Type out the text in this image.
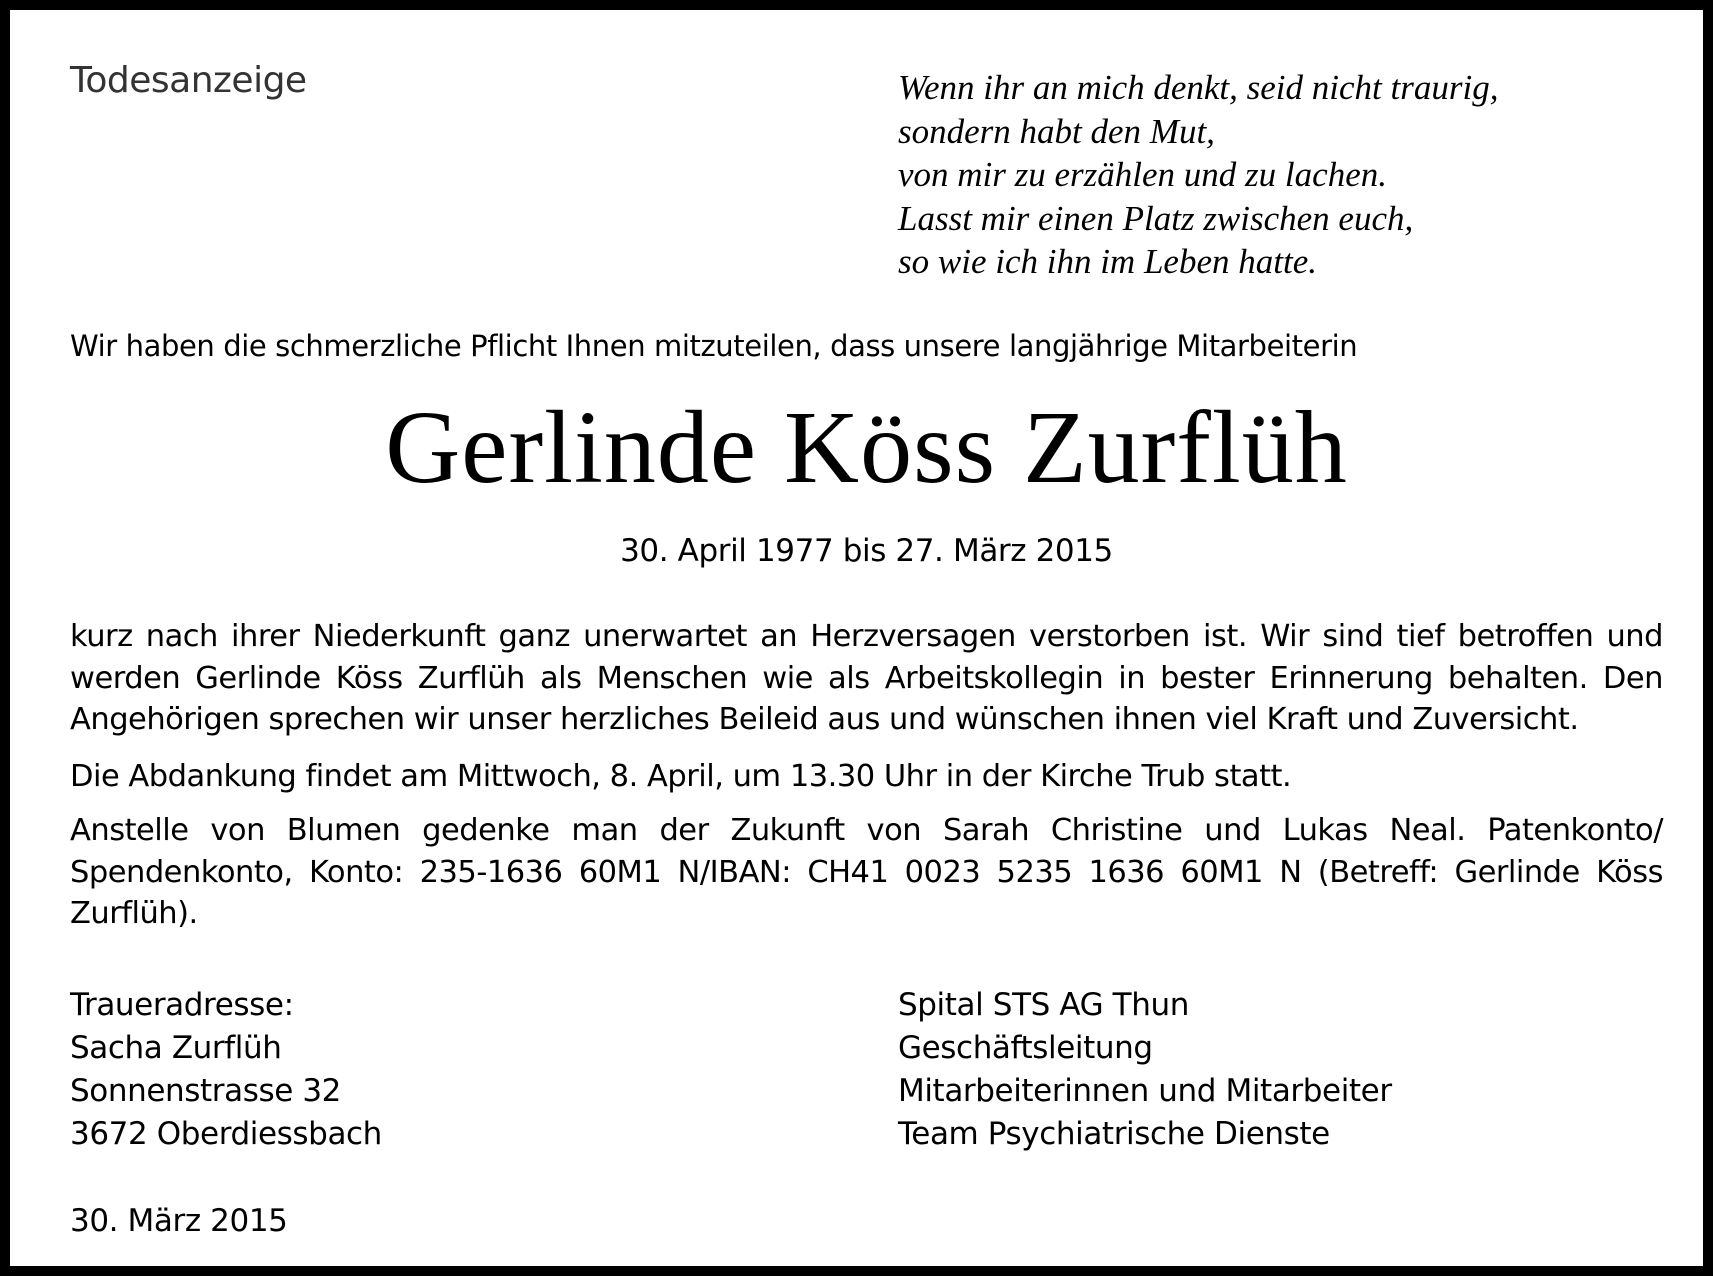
Todesanzeige	Wenn ihr an mich denkt, seid nicht traurig,
sondern habt den Mut,
von mir zu erzählen und zu lachen.
Lasst mir einen Platz zwischen euch,
so wie ich ihn im Leben hatte.

Wir haben die schmerzliche Pflicht Ihnen mitzuteilen, dass unsere langjährige Mitarbeiterin

Gerlinde Köss Zurflüh

30. April 1977 bis 27. März 2015

kurz nach ihrer Niederkunft ganz unerwartet an Herzversagen verstorben ist. Wir sind tief betroffen und werden Gerlinde Köss Zurflüh als Menschen wie als Arbeitskollegin in bester Erinnerung behalten. Den Angehörigen sprechen wir unser herzliches Beileid aus und wünschen ihnen viel Kraft und Zuversicht.

Die Abdankung findet am Mittwoch, 8. April, um 13.30 Uhr in der Kirche Trub statt.

Anstelle von Blumen gedenke man der Zukunft von Sarah Christine und Lukas Neal. Patenkonto/ Spendenkonto, Konto: 235-1636 60M1 N/IBAN: CH41 0023 5235 1636 60M1 N (Betreff: Gerlinde Köss Zurflüh).

Traueradresse:
Sacha Zurflüh
Sonnenstrasse 32
3672 Oberdiessbach
Spital STS AG Thun
Geschäftsleitung
Mitarbeiterinnen und Mitarbeiter
Team Psychiatrische Dienste

30. März 2015
